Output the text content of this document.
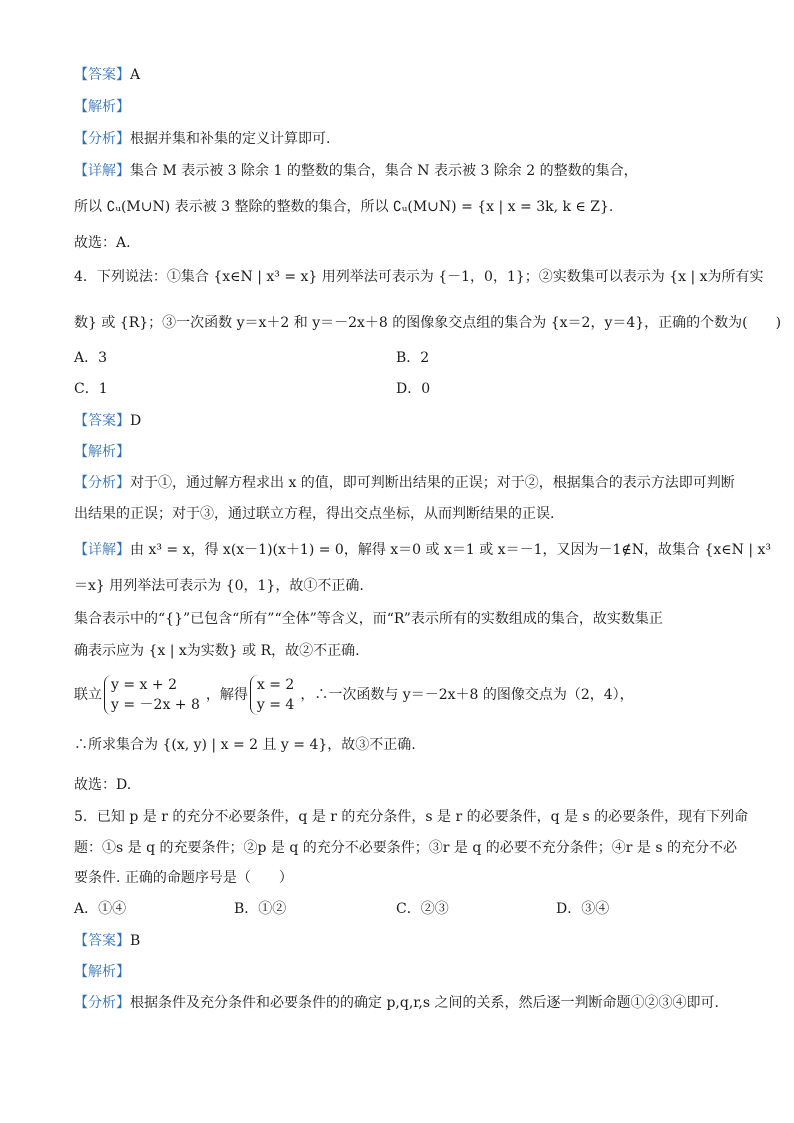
【答案】A
【解析】
【分析】根据并集和补集的定义计算即可.
【详解】集合 M 表示被 3 除余 1 的整数的集合，集合 N 表示被 3 除余 2 的整数的集合，
所以 ∁ᵤ(M∪N) 表示被 3 整除的整数的集合，所以 ∁ᵤ(M∪N) = {x | x = 3k, k ∈ Z}.
故选：A.
4．下列说法：①集合 {x∈N | x³ = x} 用列举法可表示为 {－1，0，1}；②实数集可以表示为 {x | x为所有实
数} 或 {R}；③一次函数 y＝x＋2 和 y＝－2x＋8 的图像象交点组的集合为 {x＝2，y＝4}，正确的个数为(　　)
A．3	B．2
C．1	D．0
【答案】D
【解析】
【分析】对于①，通过解方程求出 x 的值，即可判断出结果的正误；对于②，根据集合的表示方法即可判断
出结果的正误；对于③，通过联立方程，得出交点坐标，从而判断结果的正误.
【详解】由 x³ = x，得 x(x－1)(x＋1) = 0，解得 x＝0 或 x＝1 或 x＝－1，又因为－1∉N，故集合 {x∈N | x³
＝x} 用列举法可表示为 {0，1}，故①不正确.
集合表示中的“{}”已包含“所有”“全体”等含义，而“R”表示所有的实数组成的集合，故实数集正
确表示应为 {x | x为实数} 或 R，故②不正确.
联立
y = x + 2
y = －2x + 8
，解得
x = 2
y = 4
，∴一次函数与 y＝－2x＋8 的图像交点为（2，4），
∴所求集合为 {(x, y) | x = 2 且 y = 4}，故③不正确.
故选：D.
5．已知 p 是 r 的充分不必要条件，q 是 r 的充分条件，s 是 r 的必要条件，q 是 s 的必要条件，现有下列命
题：①s 是 q 的充要条件；②p 是 q 的充分不必要条件；③r 是 q 的必要不充分条件；④r 是 s 的充分不必
要条件. 正确的命题序号是（　　）
A．①④	B．①②	C．②③	D．③④
【答案】B
【解析】
【分析】根据条件及充分条件和必要条件的的确定 p,q,r,s 之间的关系，然后逐一判断命题①②③④即可.
